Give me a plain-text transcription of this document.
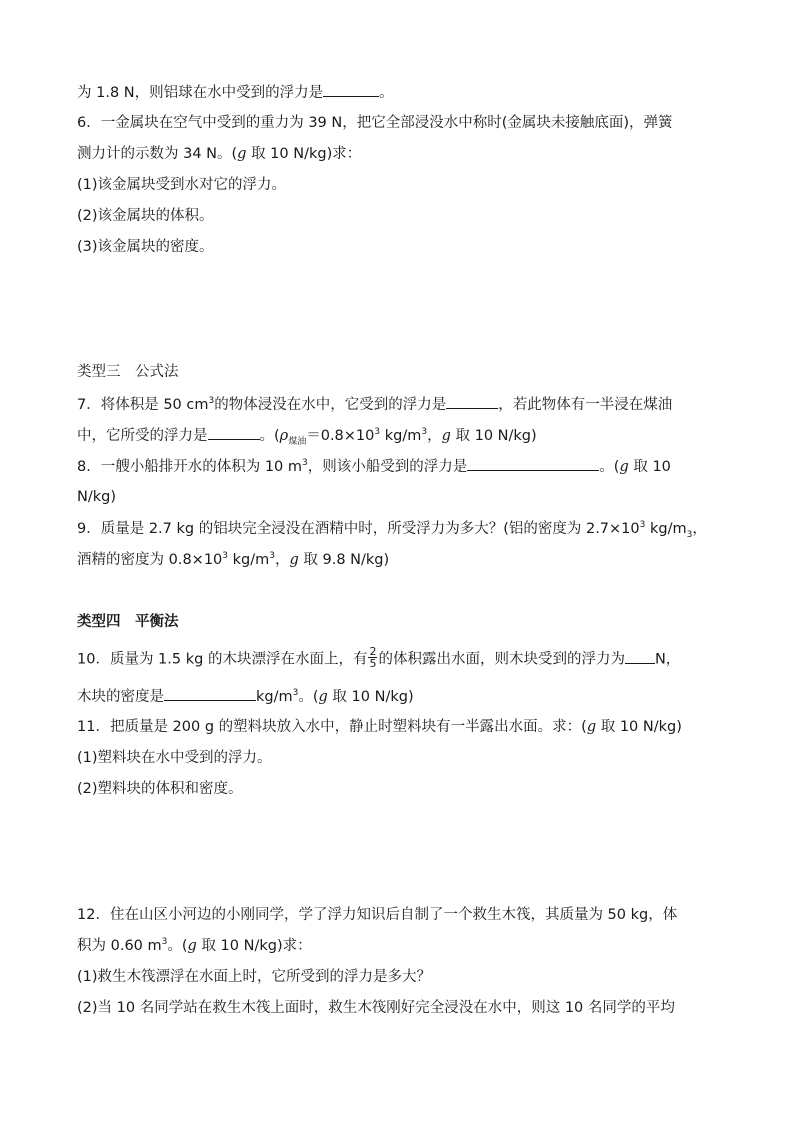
为 1.8 N，则铝球在水中受到的浮力是	。
6．一金属块在空气中受到的重力为 39 N，把它全部浸没水中称时(金属块未接触底面)，弹簧
测力计的示数为 34 N。(g 取 10 N/kg)求：
(1)该金属块受到水对它的浮力。
(2)该金属块的体积。
(3)该金属块的密度。
类型三　公式法
7．将体积是 50 $cm^3$的物体浸没在水中，它受到的浮力是	，若此物体有一半浸在煤油
中，它所受的浮力是	。($\rho_{煤油}=0.8\times 10^3$ $kg/m^3$，g 取 10 N/kg)
8．一艘小船排开水的体积为 10 $m^3$，则该小船受到的浮力是	。(g 取 10
N/kg)
9．质量是 2.7 kg 的铝块完全浸没在酒精中时，所受浮力为多大？(铝的密度为 $2.7\times 10^3$ $kg/m_3$，
酒精的密度为 $0.8\times 10^3$ $kg/m^3$，g 取 9.8 N/kg)
类型四　平衡法
10．质量为 1.5 kg 的木块漂浮在水面上，有 $\frac{2}{5}$ 的体积露出水面，则木块受到的浮力为 N，
木块的密度是	$kg/m^3$。(g 取 10 N/kg)
11．把质量是 200 g 的塑料块放入水中，静止时塑料块有一半露出水面。求：(g 取 10 N/kg)
(1)塑料块在水中受到的浮力。
(2)塑料块的体积和密度。
12．住在山区小河边的小刚同学，学了浮力知识后自制了一个救生木筏，其质量为 50 kg，体
积为 0.60 $m^3$。(g 取 10 N/kg)求：
(1)救生木筏漂浮在水面上时，它所受到的浮力是多大？
(2)当 10 名同学站在救生木筏上面时，救生木筏刚好完全浸没在水中，则这 10 名同学的平均
